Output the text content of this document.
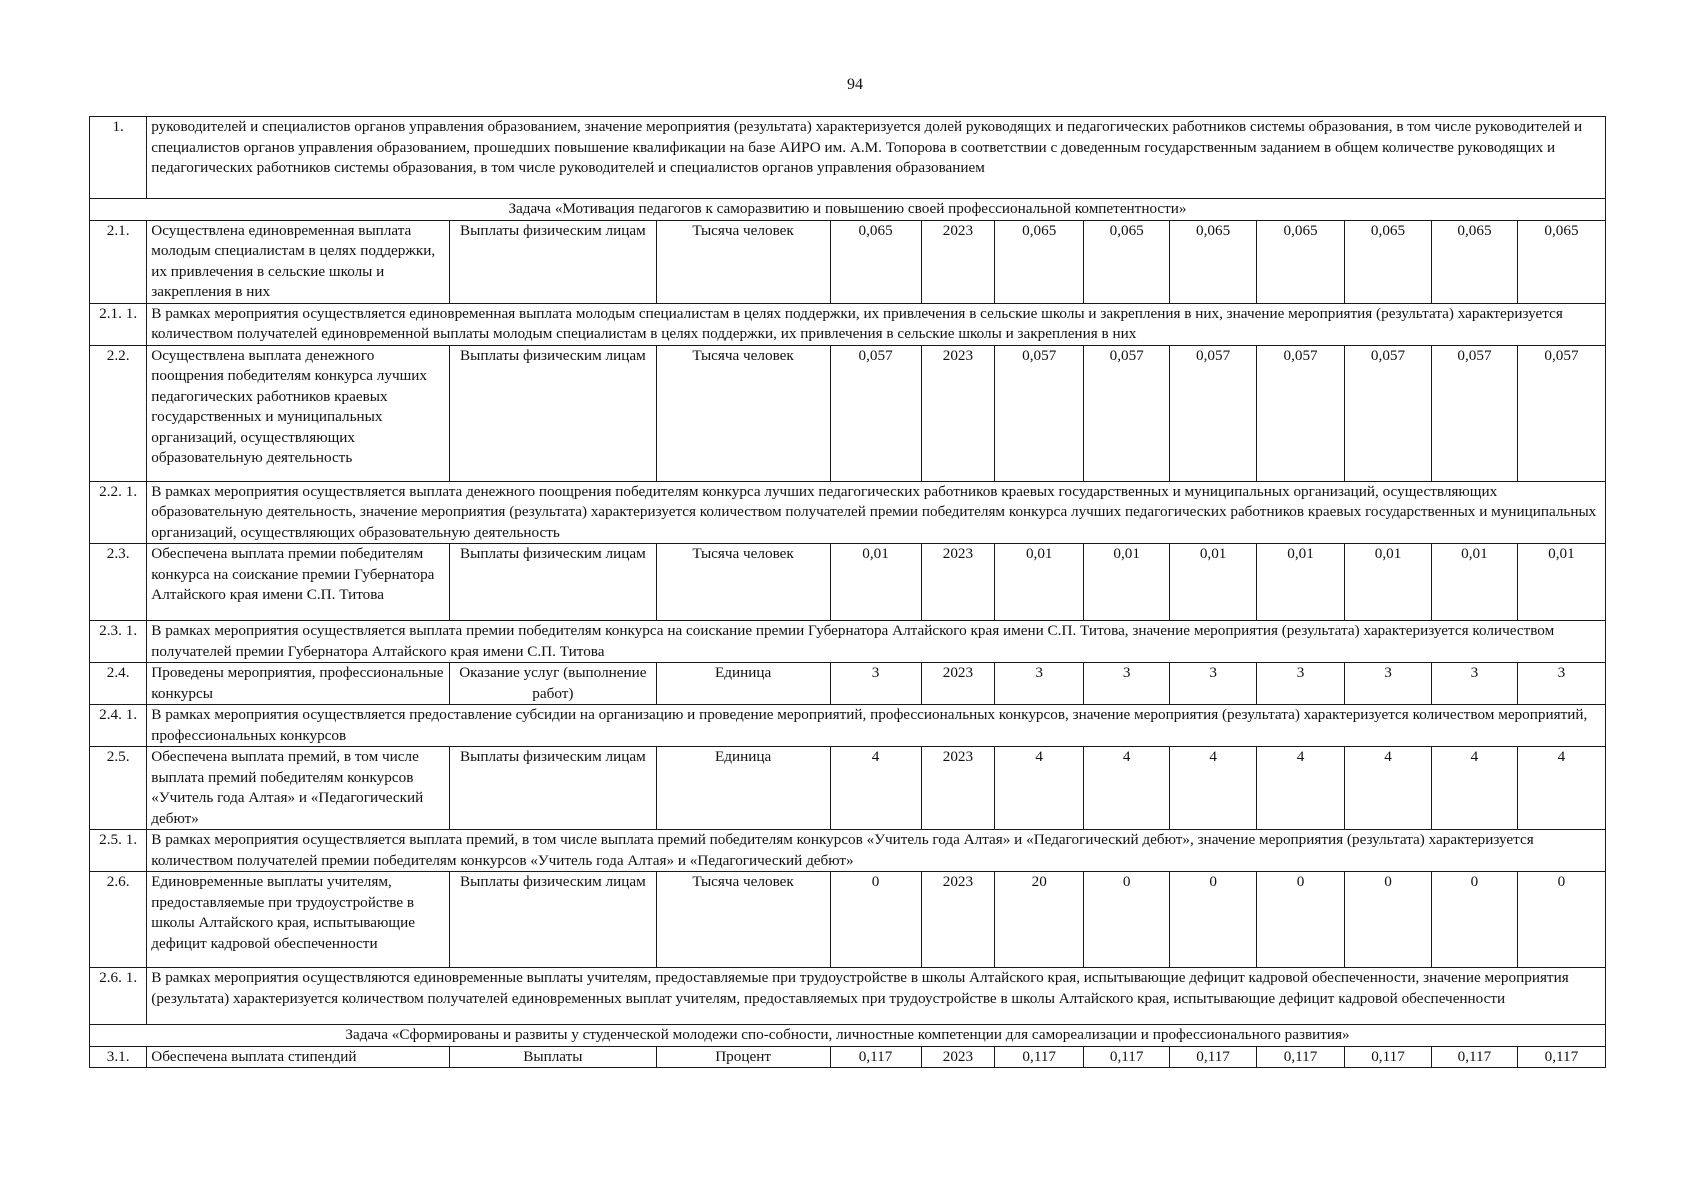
94
1.	руководителей и специалистов органов управления образованием, значение мероприятия (результата) характеризуется долей руководящих и педагогических работников системы образования, в том числе руководителей и специалистов органов управления образованием, прошедших повышение квалификации на базе АИРО им. А.М. Топорова в соответствии с доведенным государственным заданием в общем количестве руководящих и педагогических работников системы образования, в том числе руководителей и специалистов органов управления образованием											
Задача «Мотивация педагогов к саморазвитию и повышению своей профессиональной компетентности»												
2.1.	Осуществлена единовременная выплата молодым специалистам в целях поддержки, их привлечения в сельские школы и закрепления в них	Выплаты физическим лицам	Тысяча человек	0,065	2023	0,065	0,065	0,065	0,065	0,065	0,065	0,065
2.1. 1.	В рамках мероприятия осуществляется единовременная выплата молодым специалистам в целях поддержки, их привлечения в сельские школы и закрепления в них, значение мероприятия (результата) характеризуется количеством получателей единовременной выплаты молодым специалистам в целях поддержки, их привлечения в сельские школы и закрепления в них											
2.2.	Осуществлена выплата денежного поощрения победителям конкурса лучших педагогических работников краевых государственных и муниципальных организаций, осуществляющих образовательную деятельность	Выплаты физическим лицам	Тысяча человек	0,057	2023	0,057	0,057	0,057	0,057	0,057	0,057	0,057
2.2. 1.	В рамках мероприятия осуществляется выплата денежного поощрения победителям конкурса лучших педагогических работников краевых государственных и муниципальных организаций, осуществляющих образовательную деятельность, значение мероприятия (результата) характеризуется количеством получателей премии победителям конкурса лучших педагогических работников краевых государственных и муниципальных организаций, осуществляющих образовательную деятельность											
2.3.	Обеспечена выплата премии победителям конкурса на соискание премии Губернатора Алтайского края имени С.П. Титова	Выплаты физическим лицам	Тысяча человек	0,01	2023	0,01	0,01	0,01	0,01	0,01	0,01	0,01
2.3. 1.	В рамках мероприятия осуществляется выплата премии победителям конкурса на соискание премии Губернатора Алтайского края имени С.П. Титова, значение мероприятия (результата) характеризуется количеством получателей премии Губернатора Алтайского края имени С.П. Титова											
2.4.	Проведены мероприятия, профессиональные конкурсы	Оказание услуг (выполнение работ)	Единица	3	2023	3	3	3	3	3	3	3
2.4. 1.	В рамках мероприятия осуществляется предоставление субсидии на организацию и проведение мероприятий, профессиональных конкурсов, значение мероприятия (результата) характеризуется количеством мероприятий, профессиональных конкурсов											
2.5.	Обеспечена выплата премий, в том числе выплата премий победителям конкурсов «Учитель года Алтая» и «Педагогический дебют»	Выплаты физическим лицам	Единица	4	2023	4	4	4	4	4	4	4
2.5. 1.	В рамках мероприятия осуществляется выплата премий, в том числе выплата премий победителям конкурсов «Учитель года Алтая» и «Педагогический дебют», значение мероприятия (результата) характеризуется количеством получателей премии победителям конкурсов «Учитель года Алтая» и «Педагогический дебют»											
2.6.	Единовременные выплаты учителям, предоставляемые при трудоустройстве в школы Алтайского края, испытывающие дефицит кадровой обеспеченности	Выплаты физическим лицам	Тысяча человек	0	2023	20	0	0	0	0	0	0
2.6. 1.	В рамках мероприятия осуществляются единовременные выплаты учителям, предоставляемые при трудоустройстве в школы Алтайского края, испытывающие дефицит кадровой обеспеченности, значение мероприятия (результата) характеризуется количеством получателей единовременных выплат учителям, предоставляемых при трудоустройстве в школы Алтайского края, испытывающие дефицит кадровой обеспеченности											
Задача «Сформированы и развиты у студенческой молодежи спо-собности, личностные компетенции для самореализации и профессионального развития»												
3.1.	Обеспечена выплата стипендий	Выплаты	Процент	0,117	2023	0,117	0,117	0,117	0,117	0,117	0,117	0,117
